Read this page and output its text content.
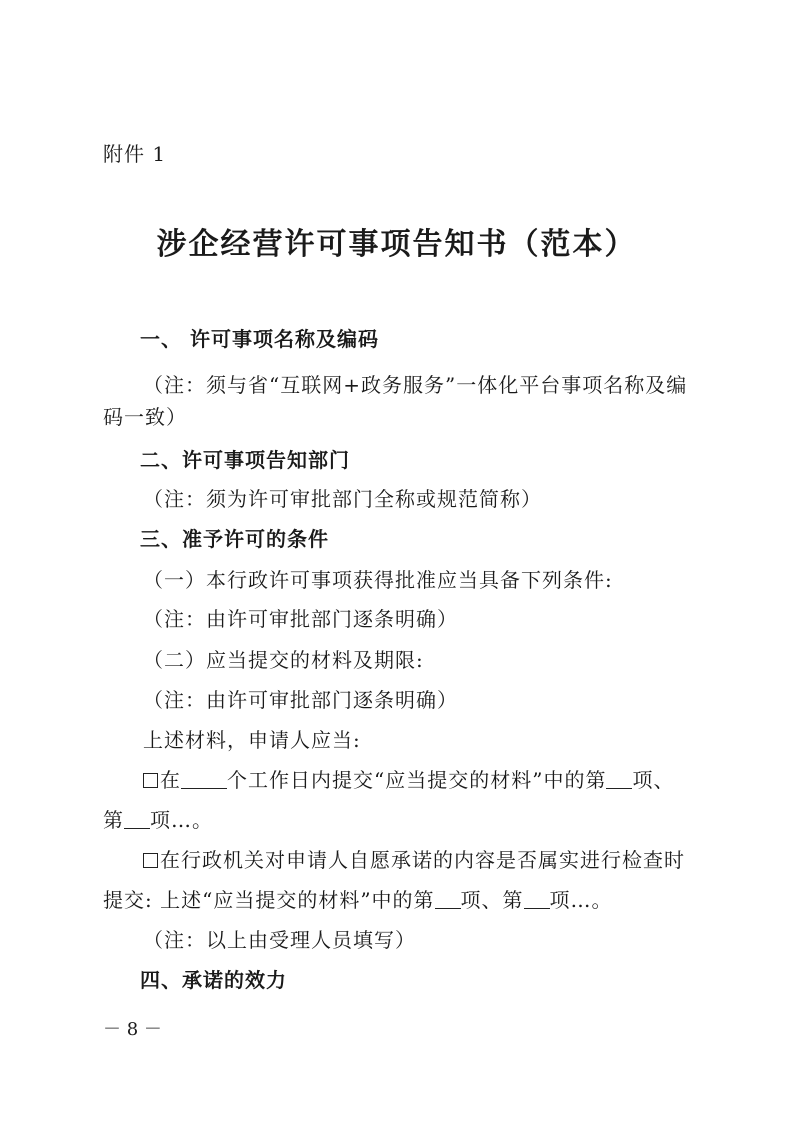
附件 1
涉企经营许可事项告知书（范本）
一、 许可事项名称及编码
（注：须与省“互联网+政务服务”一体化平台事项名称及编
码一致）
二、许可事项告知部门
（注：须为许可审批部门全称或规范简称）
三、准予许可的条件
（一）本行政许可事项获得批准应当具备下列条件:
（注：由许可审批部门逐条明确）
（二）应当提交的材料及期限:
（注：由许可审批部门逐条明确）
上述材料，申请人应当:
在 个工作日内提交“应当提交的材料”中的第 项、
第 项…。
在行政机关对申请人自愿承诺的内容是否属实进行检查时
提交: 上述“应当提交的材料”中的第 项、第 项…。
（注：以上由受理人员填写）
四、承诺的效力
－ 8 －
